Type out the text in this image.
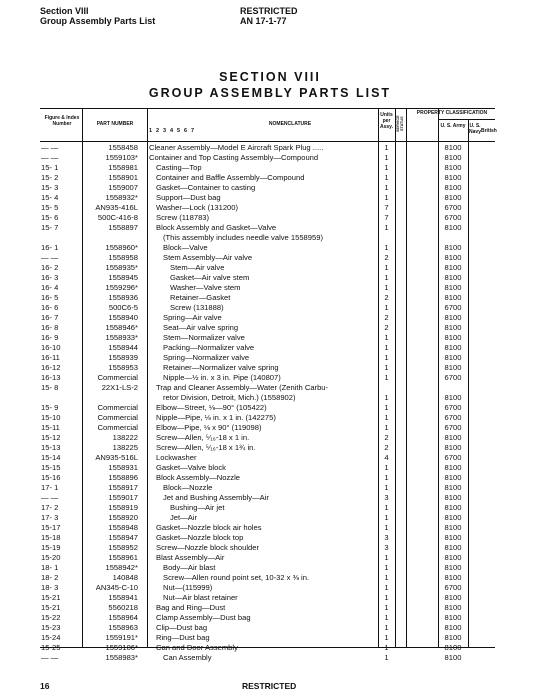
Section VIII
Group Assembly Parts List
RESTRICTED
AN 17-1-77
SECTION VIII
GROUP ASSEMBLY PARTS LIST
Figure & Index Number	PART NUMBER
1 2 3 4 5 6 7
NOMENCLATURE
Units per Assy. SERVICE STATUS
PROPERTY CLASSIFICATION
U. S. Army U. S. Navy British
— —	1558458 Cleaner Assembly—Model E Aircraft Spark Plug .....	1	8100
— —	1559103* Container and Top Casting Assembly—Compound	1	8100
15- 1	1558981 Casting—Top	1	8100
15- 2	1558901 Container and Baffle Assembly—Compound	1	8100
15- 3	1559007 Gasket—Container to casting	1	8100
15- 4	1558932* Support—Dust bag	1	8100
15- 5	AN935-416L Washer—Lock (131200)	7	6700
15- 6	500C-416-8 Screw (118783)	7	6700
15- 7	1558897 Block Assembly and Gasket—Valve	1	8100
(This assembly includes needle valve 1558959)
16- 1	1558960*	Block—Valve	1	8100
— —	1558958	Stem Assembly—Air valve	2	8100
16- 2	1558935*	Stem—Air valve	1	8100
16- 3	1558945	Gasket—Air valve stem	1	8100
16- 4	1559296*	Washer—Valve stem	1	8100
16- 5	1558936	Retainer—Gasket	2	8100
16- 6	500C6-5	Screw (131888)	1	6700
16- 7	1558940	Spring—Air valve	2	8100
16- 8	1558946*	Seat—Air valve spring	2	8100
16- 9	1558933*	Stem—Normalizer valve	1	8100
16-10	1558944	Packing—Normalizer valve	1	8100
16-11	1558939	Spring—Normalizer valve	1	8100
16-12	1558953	Retainer—Normalizer valve spring	1	8100
16-13	Commercial	Nipple—½ in. x 3 in. Pipe (140807)	1	6700
15- 8	22X1-LS-2 Trap and Cleaner Assembly—Water (Zenith Carbu-
retor Division, Detroit, Mich.) (1558902)	1	8100
15- 9	Commercial Elbow—Street, ⅛—90° (105422)	1	6700
15-10	Commercial Nipple—Pipe, ⅛ in. x 1 in. (142275)	1	6700
15-11	Commercial Elbow—Pipe, ⅛ x 90° (119098)	1	6700
15-12	138222 Screw—Allen, ⁵⁄₁₆-18 x 1 in.	2	8100
15-13	138225 Screw—Allen, ⁵⁄₁₆-18 x 1¾ in.	2	8100
15-14	AN935-516L Lockwasher	4	6700
15-15	1558931 Gasket—Valve block	1	8100
15-16	1558896 Block Assembly—Nozzle	1	8100
17- 1	1558917	Block—Nozzle	1	8100
— —	1559017	Jet and Bushing Assembly—Air	3	8100
17- 2	1558919	Bushing—Air jet	1	8100
17- 3	1558920	Jet—Air	1	8100
15-17	1558948 Gasket—Nozzle block air holes	1	8100
15-18	1558947 Gasket—Nozzle block top	3	8100
15-19	1558952 Screw—Nozzle block shoulder	3	8100
15-20	1558961 Blast Assembly—Air	1	8100
18- 1	1558942*	Body—Air blast	1	8100
18- 2	140848	Screw—Allen round point set, 10-32 x ⅜ in.	1	8100
18- 3	AN345-C-10	Nut—(115999)	1	6700
15-21	1558941	Nut—Air blast retainer	1	8100
15-21	5560218 Bag and Ring—Dust	1	8100
15-22	1558964 Clamp Assembly—Dust bag	1	8100
15-23	1558963 Clip—Dust bag	1	8100
15-24	1559191* Ring—Dust bag	1	8100
15-25	1559106* Can and Door Assembly	1	8100
— —	1558983*	Can Assembly	1	8100
16	RESTRICTED
